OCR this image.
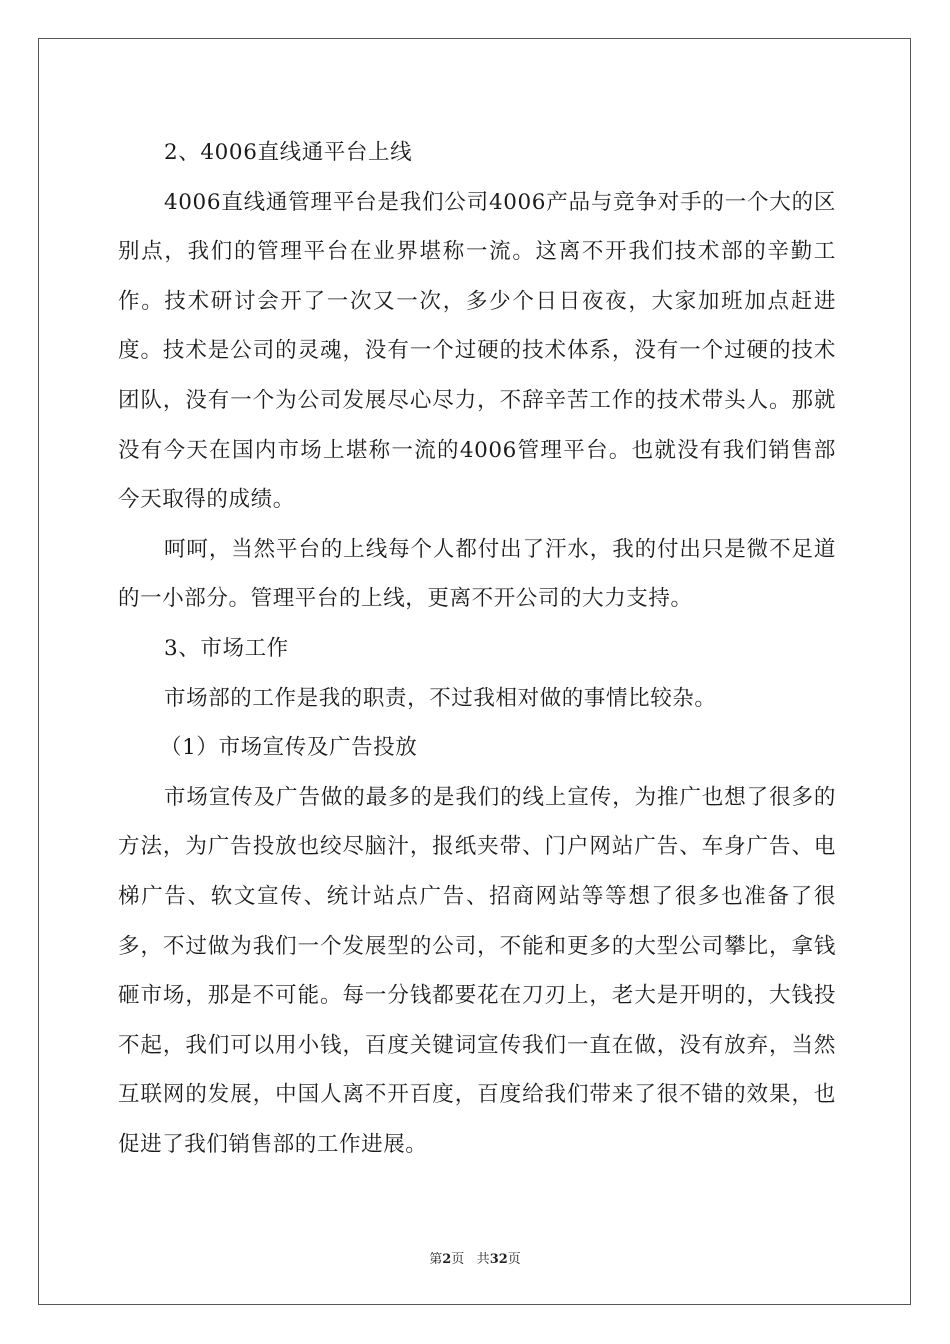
2、4006直线通平台上线

4006直线通管理平台是我们公司4006产品与竞争对手的一个大的区别点，我们的管理平台在业界堪称一流。这离不开我们技术部的辛勤工作。技术研讨会开了一次又一次，多少个日日夜夜，大家加班加点赶进度。技术是公司的灵魂，没有一个过硬的技术体系，没有一个过硬的技术团队，没有一个为公司发展尽心尽力，不辞辛苦工作的技术带头人。那就没有今天在国内市场上堪称一流的4006管理平台。也就没有我们销售部今天取得的成绩。

呵呵，当然平台的上线每个人都付出了汗水，我的付出只是微不足道的一小部分。管理平台的上线，更离不开公司的大力支持。

3、市场工作

市场部的工作是我的职责，不过我相对做的事情比较杂。

（1）市场宣传及广告投放

市场宣传及广告做的最多的是我们的线上宣传，为推广也想了很多的方法，为广告投放也绞尽脑汁，报纸夹带、门户网站广告、车身广告、电梯广告、软文宣传、统计站点广告、招商网站等等想了很多也准备了很多，不过做为我们一个发展型的公司，不能和更多的大型公司攀比，拿钱砸市场，那是不可能。每一分钱都要花在刀刃上，老大是开明的，大钱投不起，我们可以用小钱，百度关键词宣传我们一直在做，没有放弃，当然互联网的发展，中国人离不开百度，百度给我们带来了很不错的效果，也促进了我们销售部的工作进展。

第2页 共32页
